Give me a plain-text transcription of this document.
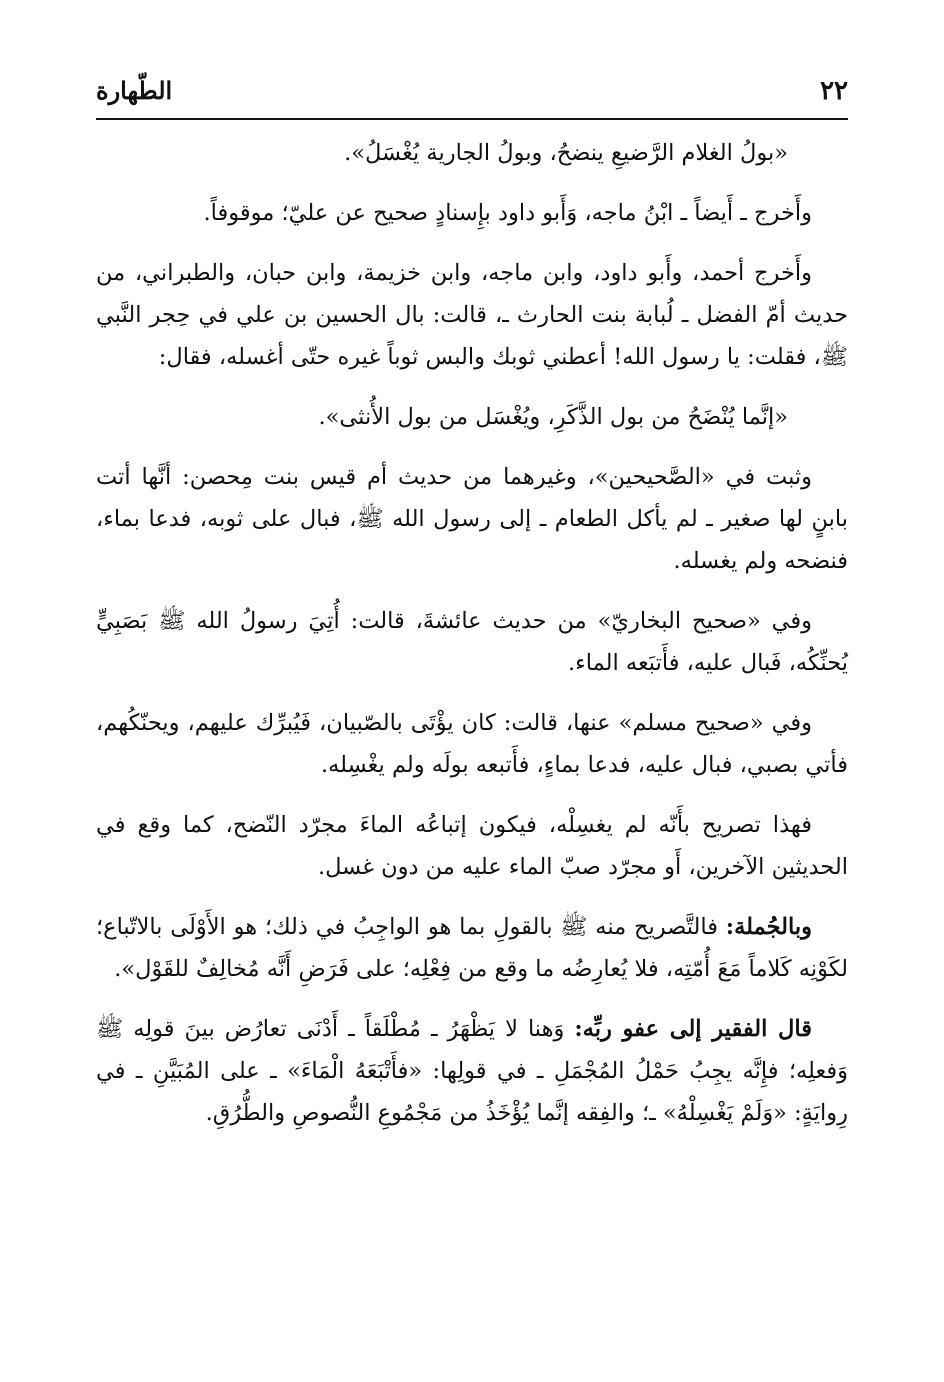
٢٢
الطّهارة

«بولُ الغلام الرَّضيعِ ينضحُ، وبولُ الجارية يُغْسَلُ».

وأَخرج ـ أَيضاً ـ ابْنُ ماجه، وَأَبو داود بإِسنادٍ صحيح عن عليّ؛ موقوفاً.

وأَخرج أحمد، وأَبو داود، وابن ماجه، وابن خزيمة، وابن حبان، والطبراني، من حديث أمّ الفضل ـ لُبابة بنت الحارث ـ، قالت: بال الحسين بن علي في حِجر النَّبي ﷺ، فقلت: يا رسول الله! أعطني ثوبك والبس ثوباً غيره حتّى أغسله، فقال:

«إنَّما يُنْضَحُ من بول الذَّكَرِ، ويُغْسَل من بول الأُنثى».

وثبت في «الصَّحيحين»، وغيرهما من حديث أم قيس بنت مِحصن: أنَّها أتت بابنٍ لها صغير ـ لم يأكل الطعام ـ إلى رسول الله ﷺ، فبال على ثوبه، فدعا بماء، فنضحه ولم يغسله.

وفي «صحيح البخاريّ» من حديث عائشةَ، قالت: أُتِيَ رسولُ الله ﷺ بَصَبِيٍّ يُحنِّكُه، فَبال عليه، فأَتبَعه الماء.

وفي «صحيح مسلم» عنها، قالت: كان يؤْتَى بالصّبيان، فَيُبرِّك عليهم، ويحنّكُهم، فأتي بصبي، فبال عليه، فدعا بماءٍ، فأَتبعه بولَه ولم يغْسِله.

فهذا تصريح بأَنّه لم يغسِلْه، فيكون إتباعُه الماءَ مجرّد النّضح، كما وقع في الحديثين الآخرين، أَو مجرّد صبّ الماء عليه من دون غسل.

وبالجُملة: فالتَّصريح منه ﷺ بالقولِ بما هو الواجِبُ في ذلك؛ هو الأَوْلَى بالاتّباع؛ لكَوْنِه كَلاماً مَعَ أُمّتِه، فلا يُعارِضُه ما وقع من فِعْلِه؛ على فَرَضِ أَنَّه مُخالِفٌ للقَوْل».

قال الفقير إلى عفو ربِّه: وَهنا لا يَظْهَرُ ـ مُطْلَقاً ـ أَدْنَى تعارُض بينَ قولِه ﷺ وَفعلِه؛ فإِنَّه يجِبُ حَمْلُ المُجْمَلِ ـ في قولِها: «فأَتْبَعَهُ الْمَاءَ» ـ على المُبَيَّنِ ـ في رِوايَةٍ: «وَلَمْ يَغْسِلْهُ» ـ؛ والفِقه إنَّما يُؤْخَذُ من مَجْمُوعِ النُّصوصِ والطُّرُقِ.
